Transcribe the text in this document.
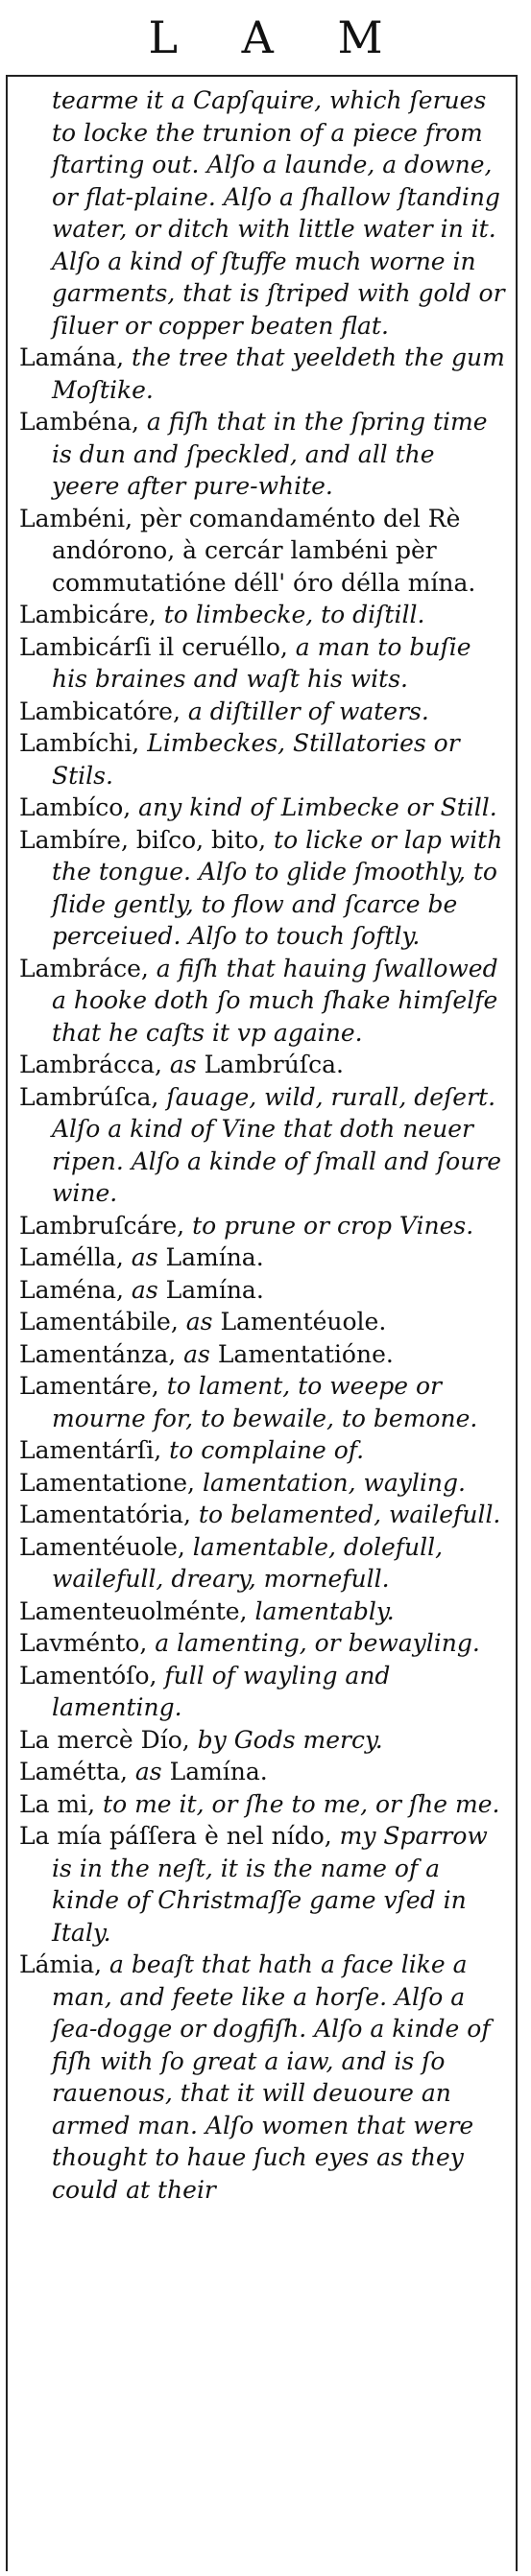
L A M

tearme it a Capſquire, which ſerues to locke the trunion of a piece from ſtarting out. Alſo a launde, a downe, or flat-plaine. Alſo a ſhallow ſtanding water, or ditch with little water in it. Alſo a kind of ſtuffe much worne in garments, that is ſtriped with gold or ſiluer or copper beaten flat.

Lamána, the tree that yeeldeth the gum Moſtike.

Lambéna, a fiſh that in the ſpring time is dun and ſpeckled, and all the yeere after pure-white.

Lambéni, pèr comandaménto del Rè andórono, à cercár lambéni pèr commutatióne déll' óro délla mína.

Lambicáre, to limbecke, to diſtill.

Lambicárſi il ceruéllo, a man to buſie his braines and waſt his wits.

Lambicatóre, a diſtiller of waters.

Lambíchi, Limbeckes, Stillatories or Stils.

Lambíco, any kind of Limbecke or Still.

Lambíre, biſco, bito, to licke or lap with the tongue. Alſo to glide ſmoothly, to ſlide gently, to flow and ſcarce be perceiued. Alſo to touch ſoftly.

Lambráce, a fiſh that hauing ſwallowed a hooke doth ſo much ſhake himſelfe that he caſts it vp againe.

Lambrácca, as Lambrúſca.

Lambrúſca, ſauage, wild, rurall, deſert. Alſo a kind of Vine that doth neuer ripen. Alſo a kinde of ſmall and ſoure wine.

Lambruſcáre, to prune or crop Vines.

Lamélla, as Lamína.

Laména, as Lamína.

Lamentábile, as Lamentéuole.

Lamentánza, as Lamentatióne.

Lamentáre, to lament, to weepe or mourne for, to bewaile, to bemone.

Lamentárſi, to complaine of.

Lamentatione, lamentation, wayling.

Lamentatória, to belamented, wailefull.

Lamentéuole, lamentable, dolefull, wailefull, dreary, mornefull.

Lamenteuolménte, lamentably.

Lavménto, a lamenting, or bewayling.

Lamentóſo, full of wayling and lamenting.

La mercè Dío, by Gods mercy.

Lamétta, as Lamína.

La mi, to me it, or ſhe to me, or ſhe me.

La mía páſſera è nel nído, my Sparrow is in the neſt, it is the name of a kinde of Christmaſſe game vſed in Italy.

Lámia, a beaſt that hath a face like a man, and feete like a horſe. Alſo a ſea-dogge or dogfiſh. Alſo a kinde of fiſh with ſo great a iaw, and is ſo rauenous, that it will deuoure an armed man. Alſo women that were thought to haue ſuch eyes as they could at their
